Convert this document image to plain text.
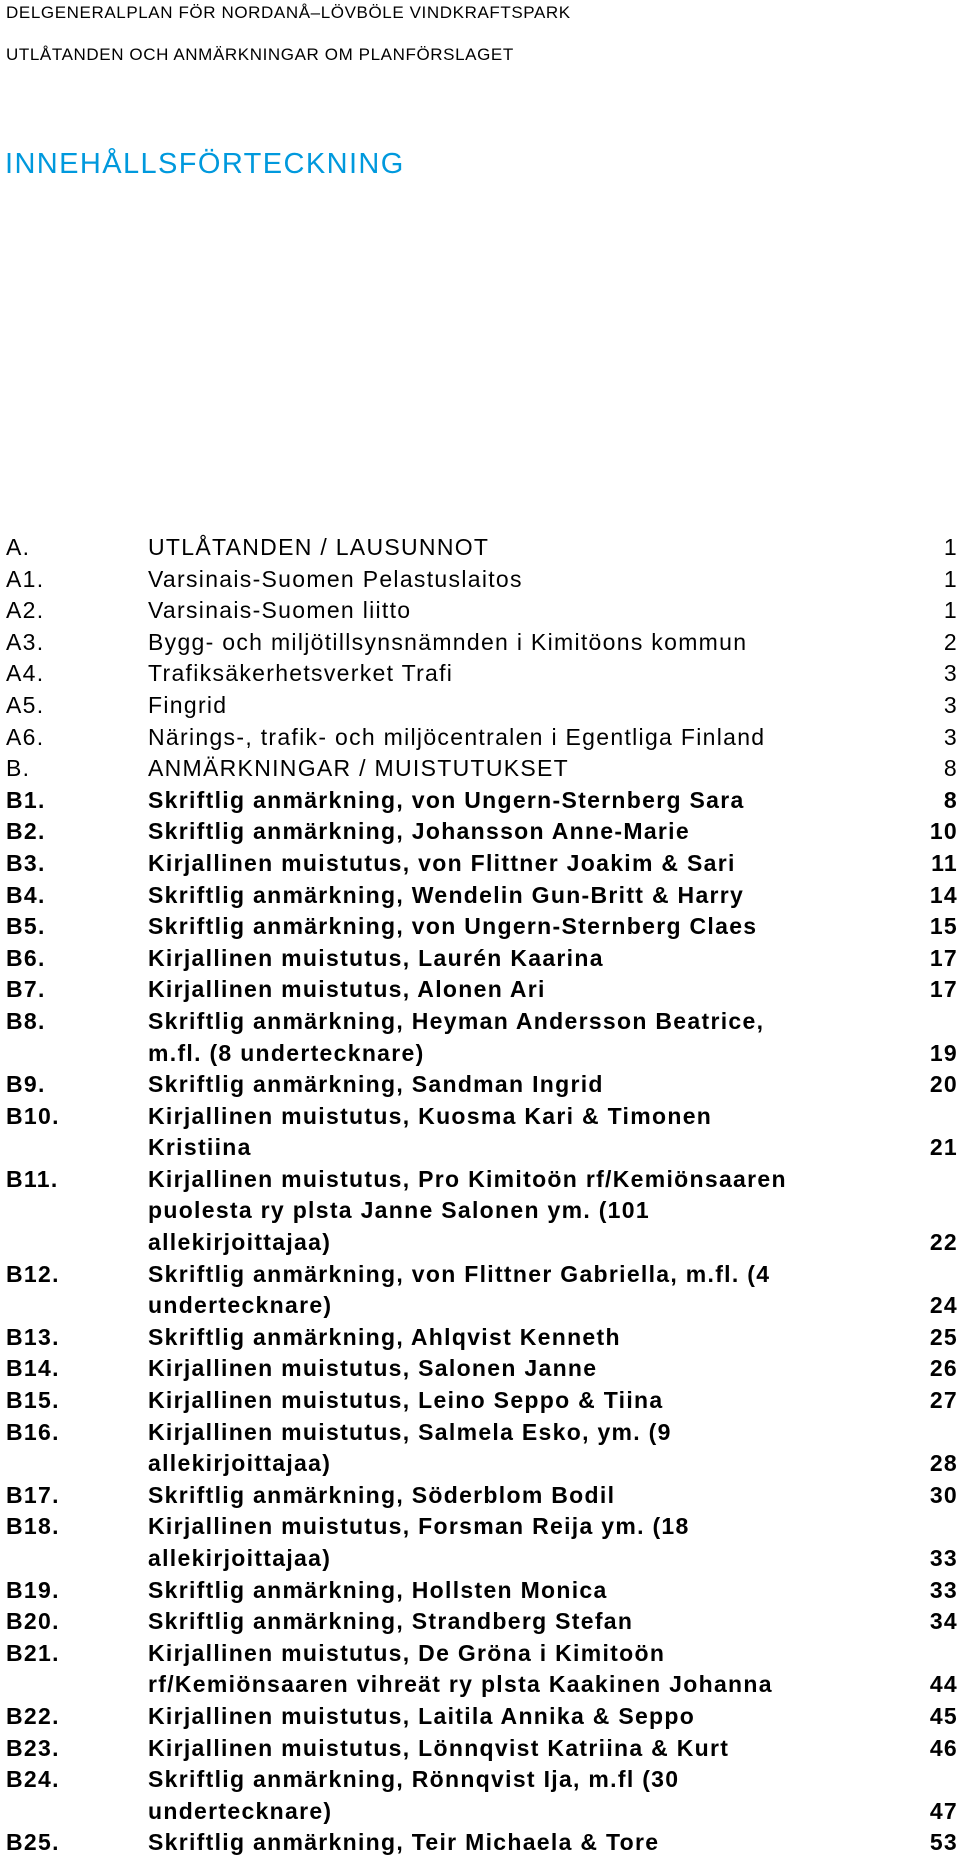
DELGENERALPLAN FÖR NORDANÅ–LÖVBÖLE VINDKRAFTSPARK
UTLÅTANDEN OCH ANMÄRKNINGAR OM PLANFÖRSLAGET
INNEHÅLLSFÖRTECKNING
A.	UTLÅTANDEN / LAUSUNNOT	1
A1.	Varsinais-Suomen Pelastuslaitos	1
A2.	Varsinais-Suomen liitto	1
A3.	Bygg- och miljötillsynsnämnden i Kimitöons kommun	2
A4.	Trafiksäkerhetsverket Trafi	3
A5.	Fingrid	3
A6.	Närings-, trafik- och miljöcentralen i Egentliga Finland	3
B.	ANMÄRKNINGAR / MUISTUTUKSET	8
B1.	Skriftlig anmärkning, von Ungern-Sternberg Sara	8
B2.	Skriftlig anmärkning, Johansson Anne-Marie	10
B3.	Kirjallinen muistutus, von Flittner Joakim & Sari	11
B4.	Skriftlig anmärkning, Wendelin Gun-Britt & Harry	14
B5.	Skriftlig anmärkning, von Ungern-Sternberg Claes	15
B6.	Kirjallinen muistutus, Laurén Kaarina	17
B7.	Kirjallinen muistutus, Alonen Ari	17
B8.	Skriftlig anmärkning, Heyman Andersson Beatrice,
m.fl. (8 undertecknare)	19
B9.	Skriftlig anmärkning, Sandman Ingrid	20
B10.	Kirjallinen muistutus, Kuosma Kari & Timonen
Kristiina	21
B11.	Kirjallinen muistutus, Pro Kimitoön rf/Kemiönsaaren
puolesta ry plsta Janne Salonen ym. (101
allekirjoittajaa)	22
B12.	Skriftlig anmärkning, von Flittner Gabriella, m.fl. (4
undertecknare)	24
B13.	Skriftlig anmärkning, Ahlqvist Kenneth	25
B14.	Kirjallinen muistutus, Salonen Janne	26
B15.	Kirjallinen muistutus, Leino Seppo & Tiina	27
B16.	Kirjallinen muistutus, Salmela Esko, ym. (9
allekirjoittajaa)	28
B17.	Skriftlig anmärkning, Söderblom Bodil	30
B18.	Kirjallinen muistutus, Forsman Reija ym. (18
allekirjoittajaa)	33
B19.	Skriftlig anmärkning, Hollsten Monica	33
B20.	Skriftlig anmärkning, Strandberg Stefan	34
B21.	Kirjallinen muistutus, De Gröna i Kimitoön
rf/Kemiönsaaren vihreät ry plsta Kaakinen Johanna	44
B22.	Kirjallinen muistutus, Laitila Annika & Seppo	45
B23.	Kirjallinen muistutus, Lönnqvist Katriina & Kurt	46
B24.	Skriftlig anmärkning, Rönnqvist Ija, m.fl (30
undertecknare)	47
B25.	Skriftlig anmärkning, Teir Michaela & Tore	53
